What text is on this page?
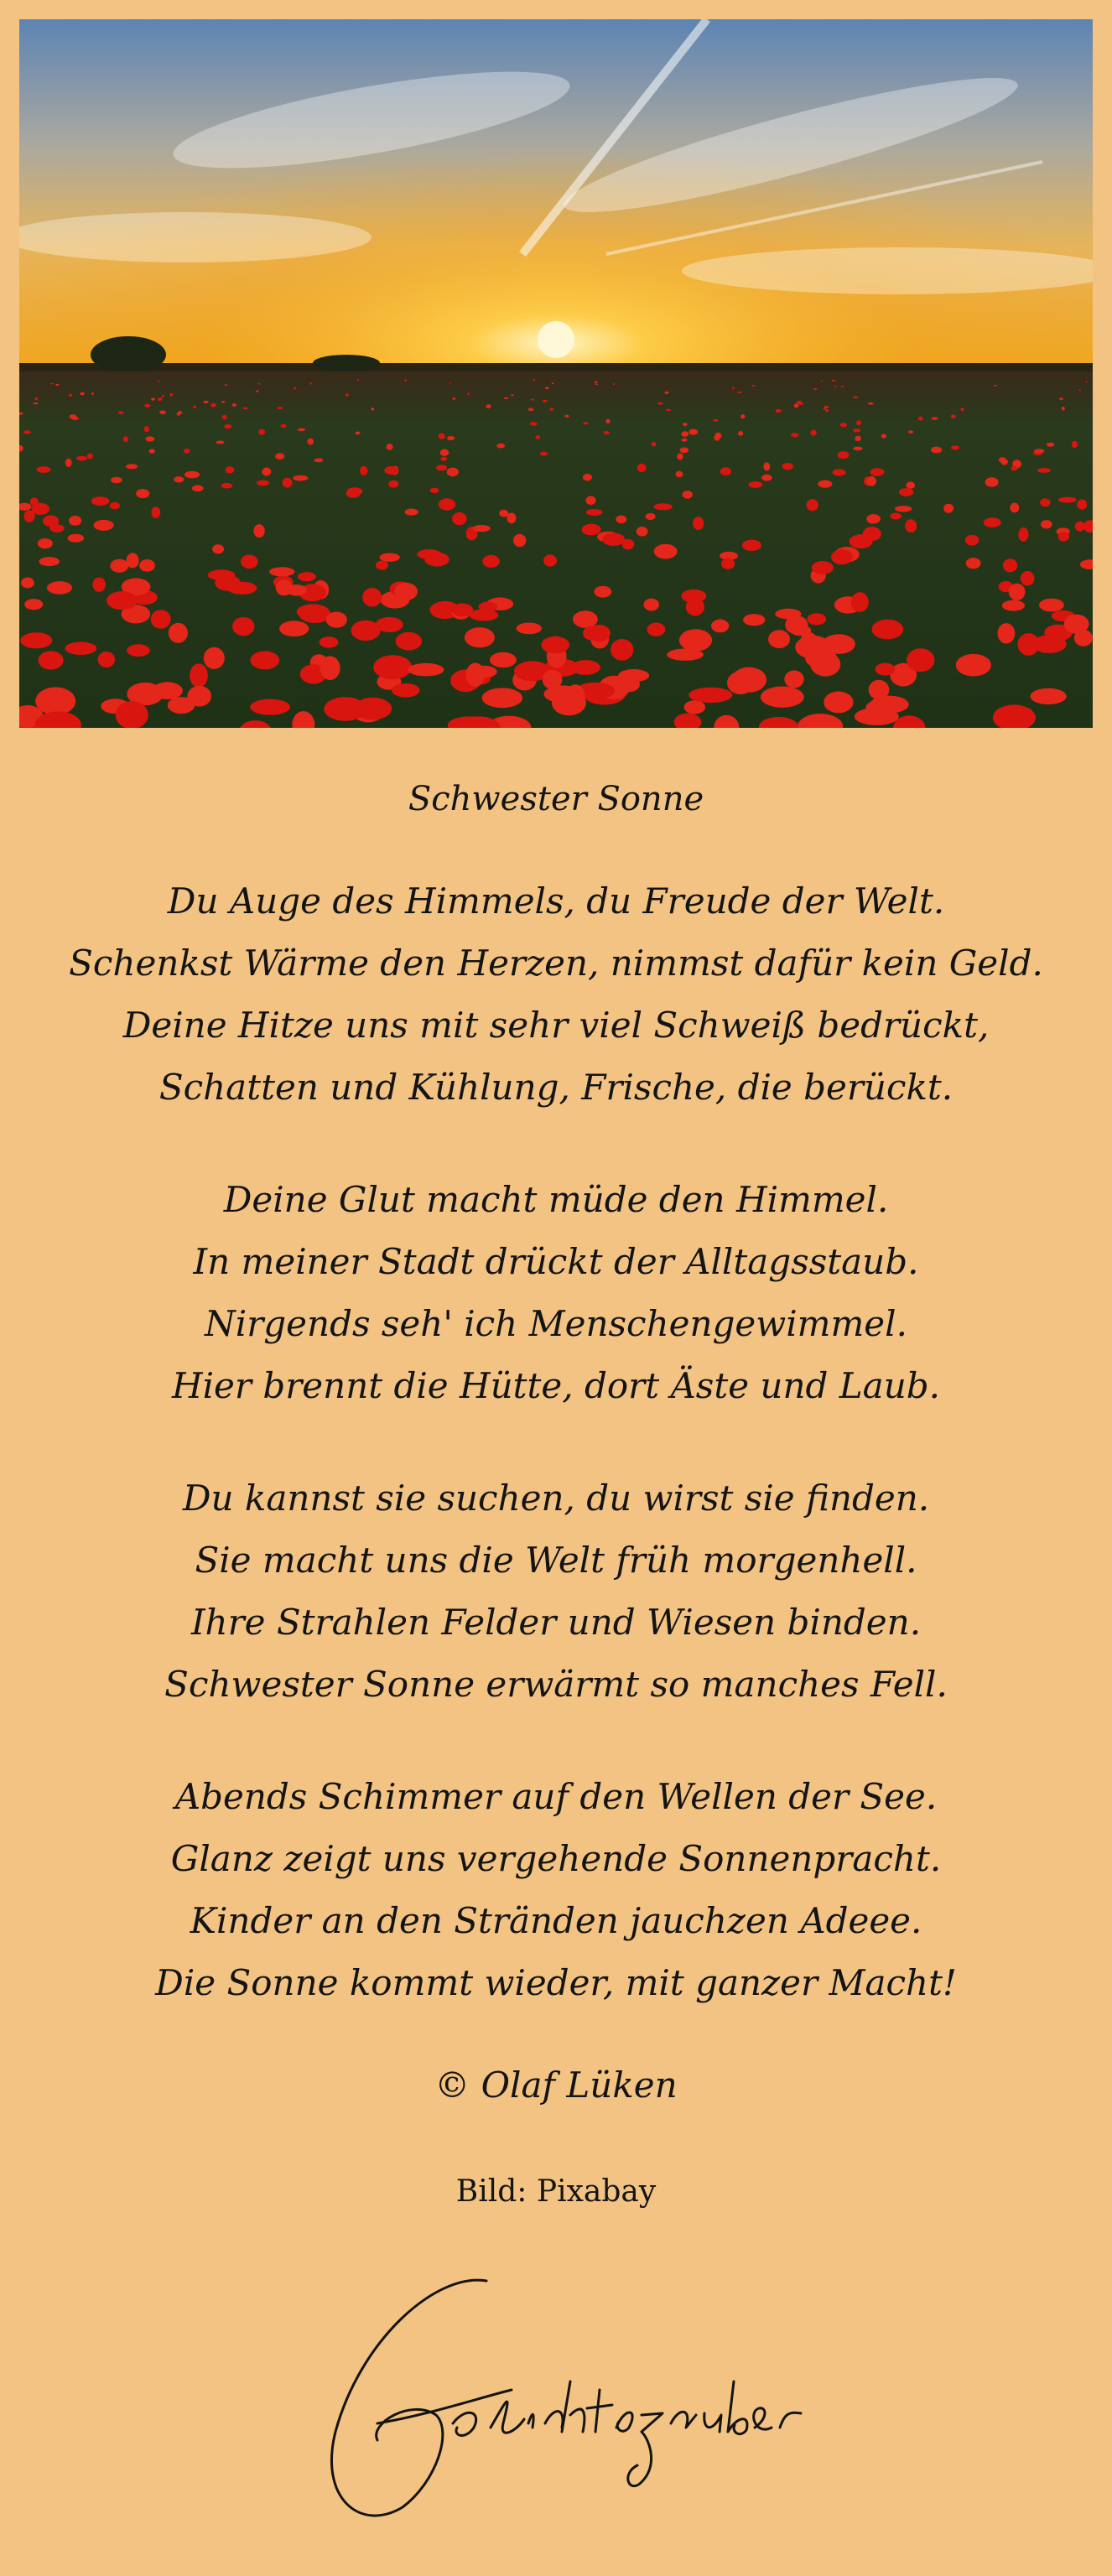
Schwester Sonne
Du Auge des Himmels, du Freude der Welt.
Schenkst Wärme den Herzen, nimmst dafür kein Geld.
Deine Hitze uns mit sehr viel Schweiß bedrückt,
Schatten und Kühlung, Frische, die berückt.
Deine Glut macht müde den Himmel.
In meiner Stadt drückt der Alltagsstaub.
Nirgends seh' ich Menschengewimmel.
Hier brennt die Hütte, dort Äste und Laub.
Du kannst sie suchen, du wirst sie finden.
Sie macht uns die Welt früh morgenhell.
Ihre Strahlen Felder und Wiesen binden.
Schwester Sonne erwärmt so manches Fell.
Abends Schimmer auf den Wellen der See.
Glanz zeigt uns vergehende Sonnenpracht.
Kinder an den Stränden jauchzen Adeee.
Die Sonne kommt wieder, mit ganzer Macht!
© Olaf Lüken
Bild: Pixabay
